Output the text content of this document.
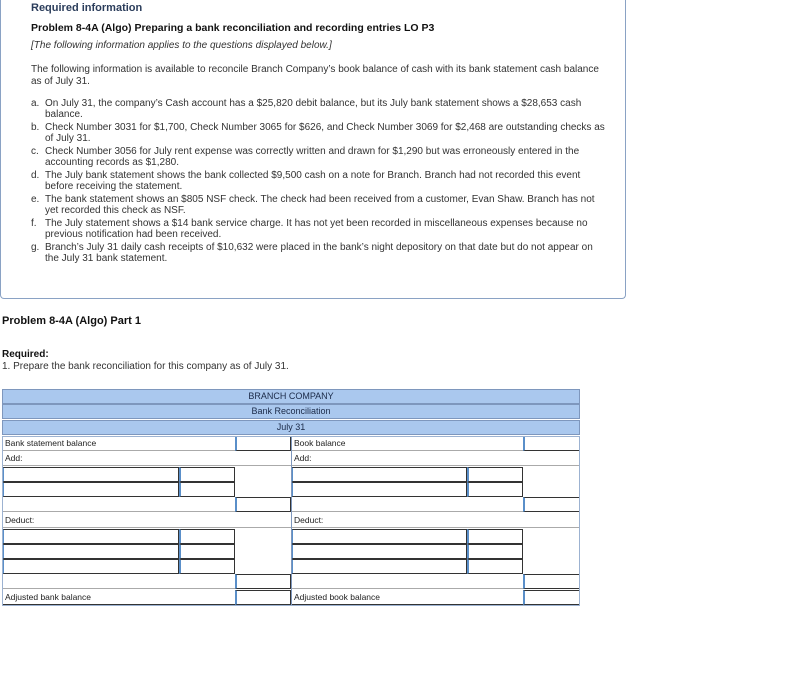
Required information
Problem 8-4A (Algo) Preparing a bank reconciliation and recording entries LO P3
[The following information applies to the questions displayed below.]
The following information is available to reconcile Branch Company’s book balance of cash with its bank statement cash balance as of July 31.
a. On July 31, the company’s Cash account has a $25,820 debit balance, but its July bank statement shows a $28,653 cash balance.
b. Check Number 3031 for $1,700, Check Number 3065 for $626, and Check Number 3069 for $2,468 are outstanding checks as of July 31.
c. Check Number 3056 for July rent expense was correctly written and drawn for $1,290 but was erroneously entered in the accounting records as $1,280.
d. The July bank statement shows the bank collected $9,500 cash on a note for Branch. Branch had not recorded this event before receiving the statement.
e. The bank statement shows an $805 NSF check. The check had been received from a customer, Evan Shaw. Branch has not yet recorded this check as NSF.
f. The July statement shows a $14 bank service charge. It has not yet been recorded in miscellaneous expenses because no previous notification had been received.
g. Branch’s July 31 daily cash receipts of $10,632 were placed in the bank’s night depository on that date but do not appear on the July 31 bank statement.
Problem 8-4A (Algo) Part 1
Required:
1. Prepare the bank reconciliation for this company as of July 31.
BRANCH COMPANY
Bank Reconciliation
July 31
Bank statement balance	Book balance
Add:	Add:
Deduct:	Deduct:
Adjusted bank balance	Adjusted book balance
